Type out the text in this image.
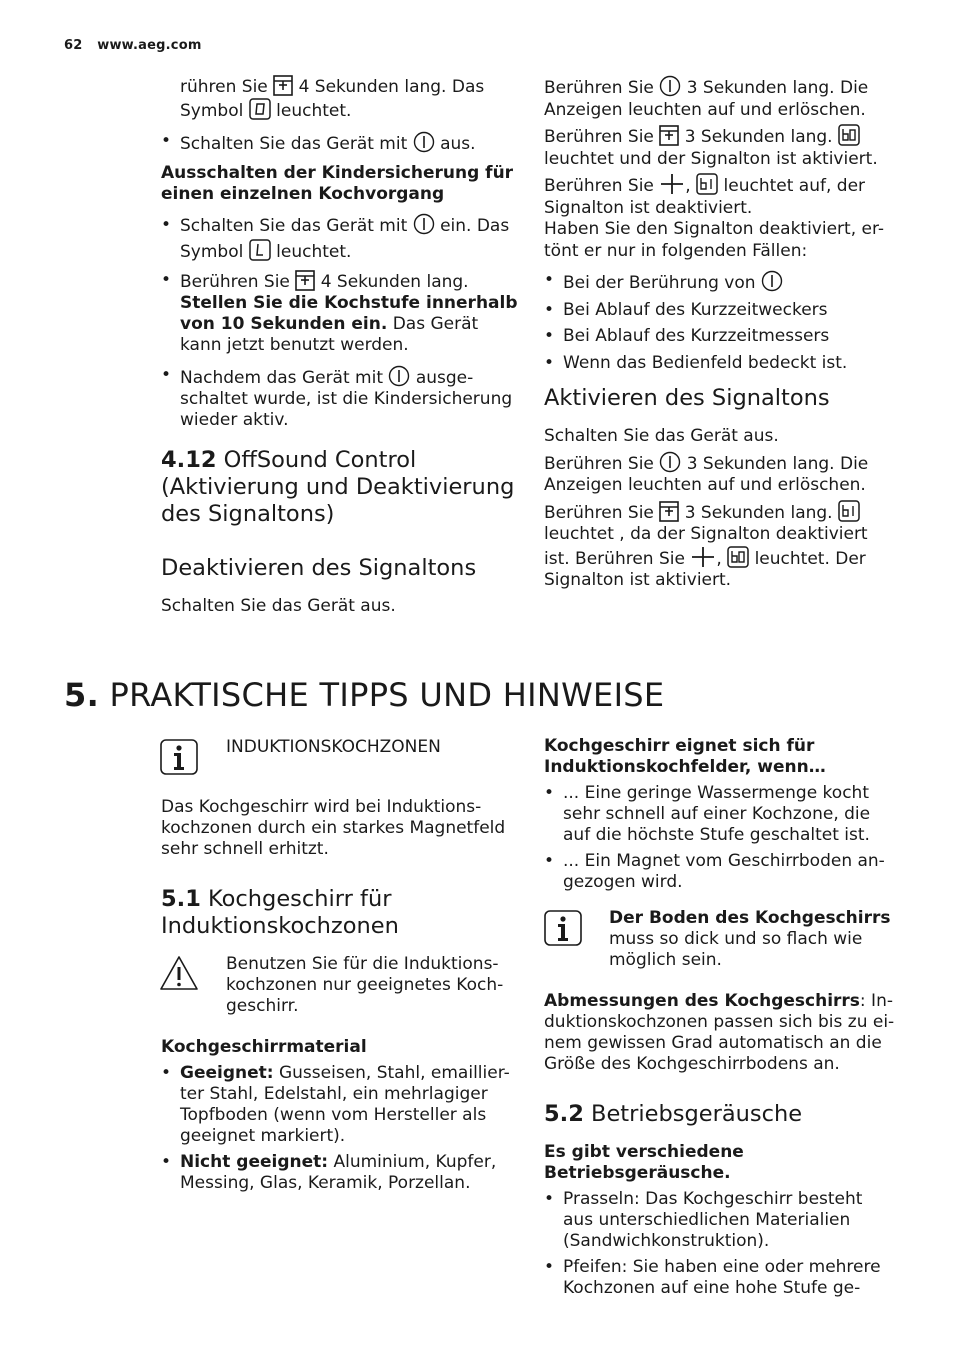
62 www.aeg.com

rühren Sie 4 Sekunden lang. Das
Symbol leuchtet.

• Schalten Sie das Gerät mit aus.

Ausschalten der Kindersicherung für einen einzelnen Kochvorgang

• Schalten Sie das Gerät mit ein. Das
Symbol leuchtet.

• Berühren Sie 4 Sekunden lang.
Stellen Sie die Kochstufe innerhalb von 10 Sekunden ein. Das Gerät kann jetzt benutzt werden.

• Nachdem das Gerät mit ausge-
schaltet wurde, ist die Kindersicherung wieder aktiv.

4.12 OffSound Control (Aktivierung und Deaktivierung des Signaltons)
Deaktivieren des Signaltons
Schalten Sie das Gerät aus.

Berühren Sie 3 Sekunden lang. Die
Anzeigen leuchten auf und erlöschen.

Berühren Sie 3 Sekunden lang.

leuchtet und der Signalton ist aktiviert.

Berühren Sie , leuchtet auf, der
Signalton ist deaktiviert.
Haben Sie den Signalton deaktiviert, er-
tönt er nur in folgenden Fällen:

• Bei der Berührung von

• Bei Ablauf des Kurzzeitweckers

• Bei Ablauf des Kurzzeitmessers

• Wenn das Bedienfeld bedeckt ist.

Aktivieren des Signaltons

Schalten Sie das Gerät aus.

Berühren Sie 3 Sekunden lang. Die
Anzeigen leuchten auf und erlöschen.

Berühren Sie 3 Sekunden lang.

leuchtet , da der Signalton deaktiviert
ist. Berühren Sie , leuchtet. Der
Signalton ist aktiviert.

5. PRAKTISCHE TIPPS UND HINWEISE
INDUKTIONSKOCHZONEN
Das Kochgeschirr wird bei Induktions-
kochzonen durch ein starkes Magnetfeld
sehr schnell erhitzt.
5.1 Kochgeschirr für
Induktionskochzonen
Benutzen Sie für die Induktions-
kochzonen nur geeignetes Koch-
geschirr.

Kochgeschirrmaterial

• Geeignet: Gusseisen, Stahl, emaillier-
ter Stahl, Edelstahl, ein mehrlagiger
Topfboden (wenn vom Hersteller als
geeignet markiert).

• Nicht geeignet: Aluminium, Kupfer,
Messing, Glas, Keramik, Porzellan.

Kochgeschirr eignet sich für
Induktionskochfelder, wenn…

• ... Eine geringe Wassermenge kocht
sehr schnell auf einer Kochzone, die
auf die höchste Stufe geschaltet ist.

• ... Ein Magnet vom Geschirrboden an-
gezogen wird.

Der Boden des Kochgeschirrs
muss so dick und so flach wie
möglich sein.
Abmessungen des Kochgeschirrs: In-
duktionskochzonen passen sich bis zu ei-
nem gewissen Grad automatisch an die
Größe des Kochgeschirrbodens an.
5.2 Betriebsgeräusche

Es gibt verschiedene
Betriebsgeräusche.

• Prasseln: Das Kochgeschirr besteht
aus unterschiedlichen Materialien
(Sandwichkonstruktion).

• Pfeifen: Sie haben eine oder mehrere
Kochzonen auf eine hohe Stufe ge-
